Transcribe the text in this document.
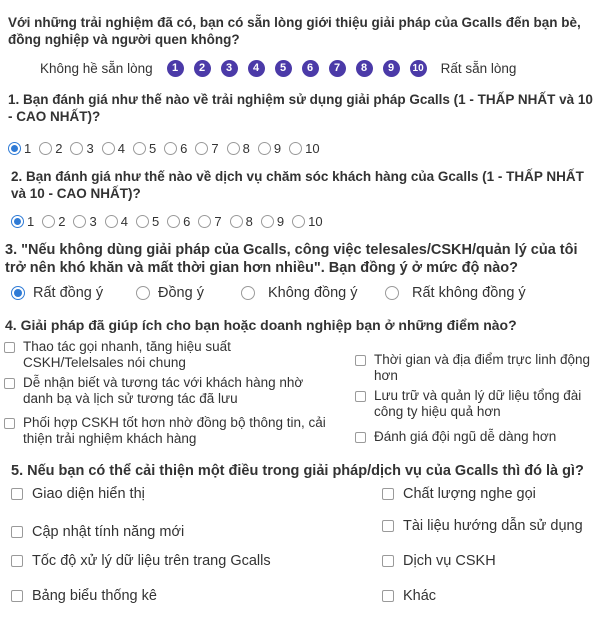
Với những trải nghiệm đã có, bạn có sẵn lòng giới thiệu giải pháp của Gcalls đến bạn bè, đồng nghiệp và người quen không?
Không hề sẵn lòng	1	2	3	4	5	6	7	8	9	10 Rất sẵn lòng
1. Bạn đánh giá như thế nào về trải nghiệm sử dụng giải pháp Gcalls (1 - THẤP NHẤT và 10 - CAO NHẤT)?
1 2 3 4 5 6 7 8 9 10
2. Bạn đánh giá như thế nào về dịch vụ chăm sóc khách hàng của Gcalls (1 - THẤP NHẤT và 10 - CAO NHẤT)?
1 2 3 4 5 6 7 8 9 10
3. "Nếu không dùng giải pháp của Gcalls, công việc telesales/CSKH/quản lý của tôi trở nên khó khăn và mất thời gian hơn nhiều". Bạn đồng ý ở mức độ nào?
Rất đồng ý	Đồng ý	Không đồng ý	Rất không đồng ý
4. Giải pháp đã giúp ích cho bạn hoặc doanh nghiệp bạn ở những điểm nào?
Thao tác gọi nhanh, tăng hiệu suất CSKH/Telelsales nói chung
Dễ nhận biết và tương tác với khách hàng nhờ danh bạ và lịch sử tương tác đã lưu
Phối hợp CSKH tốt hơn nhờ đồng bộ thông tin, cải thiện trải nghiệm khách hàng
Thời gian và địa điểm trực linh động hơn
Lưu trữ và quản lý dữ liệu tổng đài công ty hiệu quả hơn
Đánh giá đội ngũ dễ dàng hơn
5. Nếu bạn có thể cải thiện một điều trong giải pháp/dịch vụ của Gcalls thì đó là gì?
Giao diện hiển thị
Cập nhật tính năng mới
Tốc độ xử lý dữ liệu trên trang Gcalls
Bảng biểu thống kê
Chất lượng nghe gọi
Tài liệu hướng dẫn sử dụng
Dịch vụ CSKH
Khác
